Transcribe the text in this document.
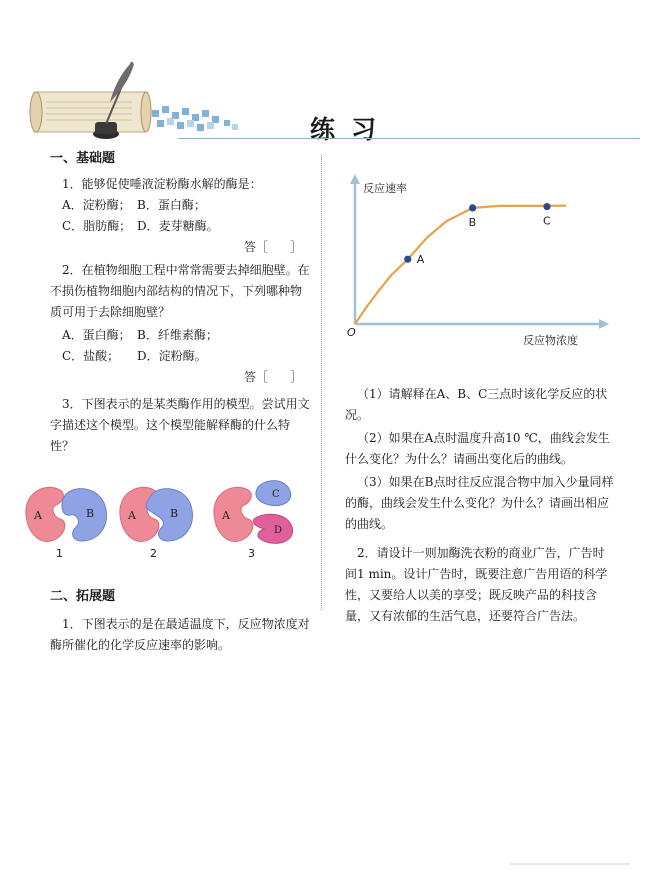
练习
一、基础题

1．能够促使唾液淀粉酶水解的酶是：

A．淀粉酶； B．蛋白酶；
C．脂肪酶； D．麦芽糖酶。
答［ ］

2．在植物细胞工程中常常需要去掉细胞壁。在不损伤植物细胞内部结构的情况下，下列哪种物质可用于去除细胞壁？

A．蛋白酶； B．纤维素酶；
C．盐酸； D．淀粉酶。
答［ ］

3．下图表示的是某类酶作用的模型。尝试用文字描述这个模型。这个模型能解释酶的什么特性？

A	B
1
A	B
2
A
C
D
3
二、拓展题

1．下图表示的是在最适温度下，反应物浓度对酶所催化的化学反应速率的影响。

反应速率
反应物浓度
O
A
B	C

（1）请解释在A、B、C三点时该化学反应的状况。

（2）如果在A点时温度升高10 ℃，曲线会发生什么变化？为什么？请画出变化后的曲线。

（3）如果在B点时往反应混合物中加入少量同样的酶，曲线会发生什么变化？为什么？请画出相应的曲线。

2．请设计一则加酶洗衣粉的商业广告，广告时间1 min。设计广告时，既要注意广告用语的科学性，又要给人以美的享受；既反映产品的科技含量，又有浓郁的生活气息，还要符合广告法。
